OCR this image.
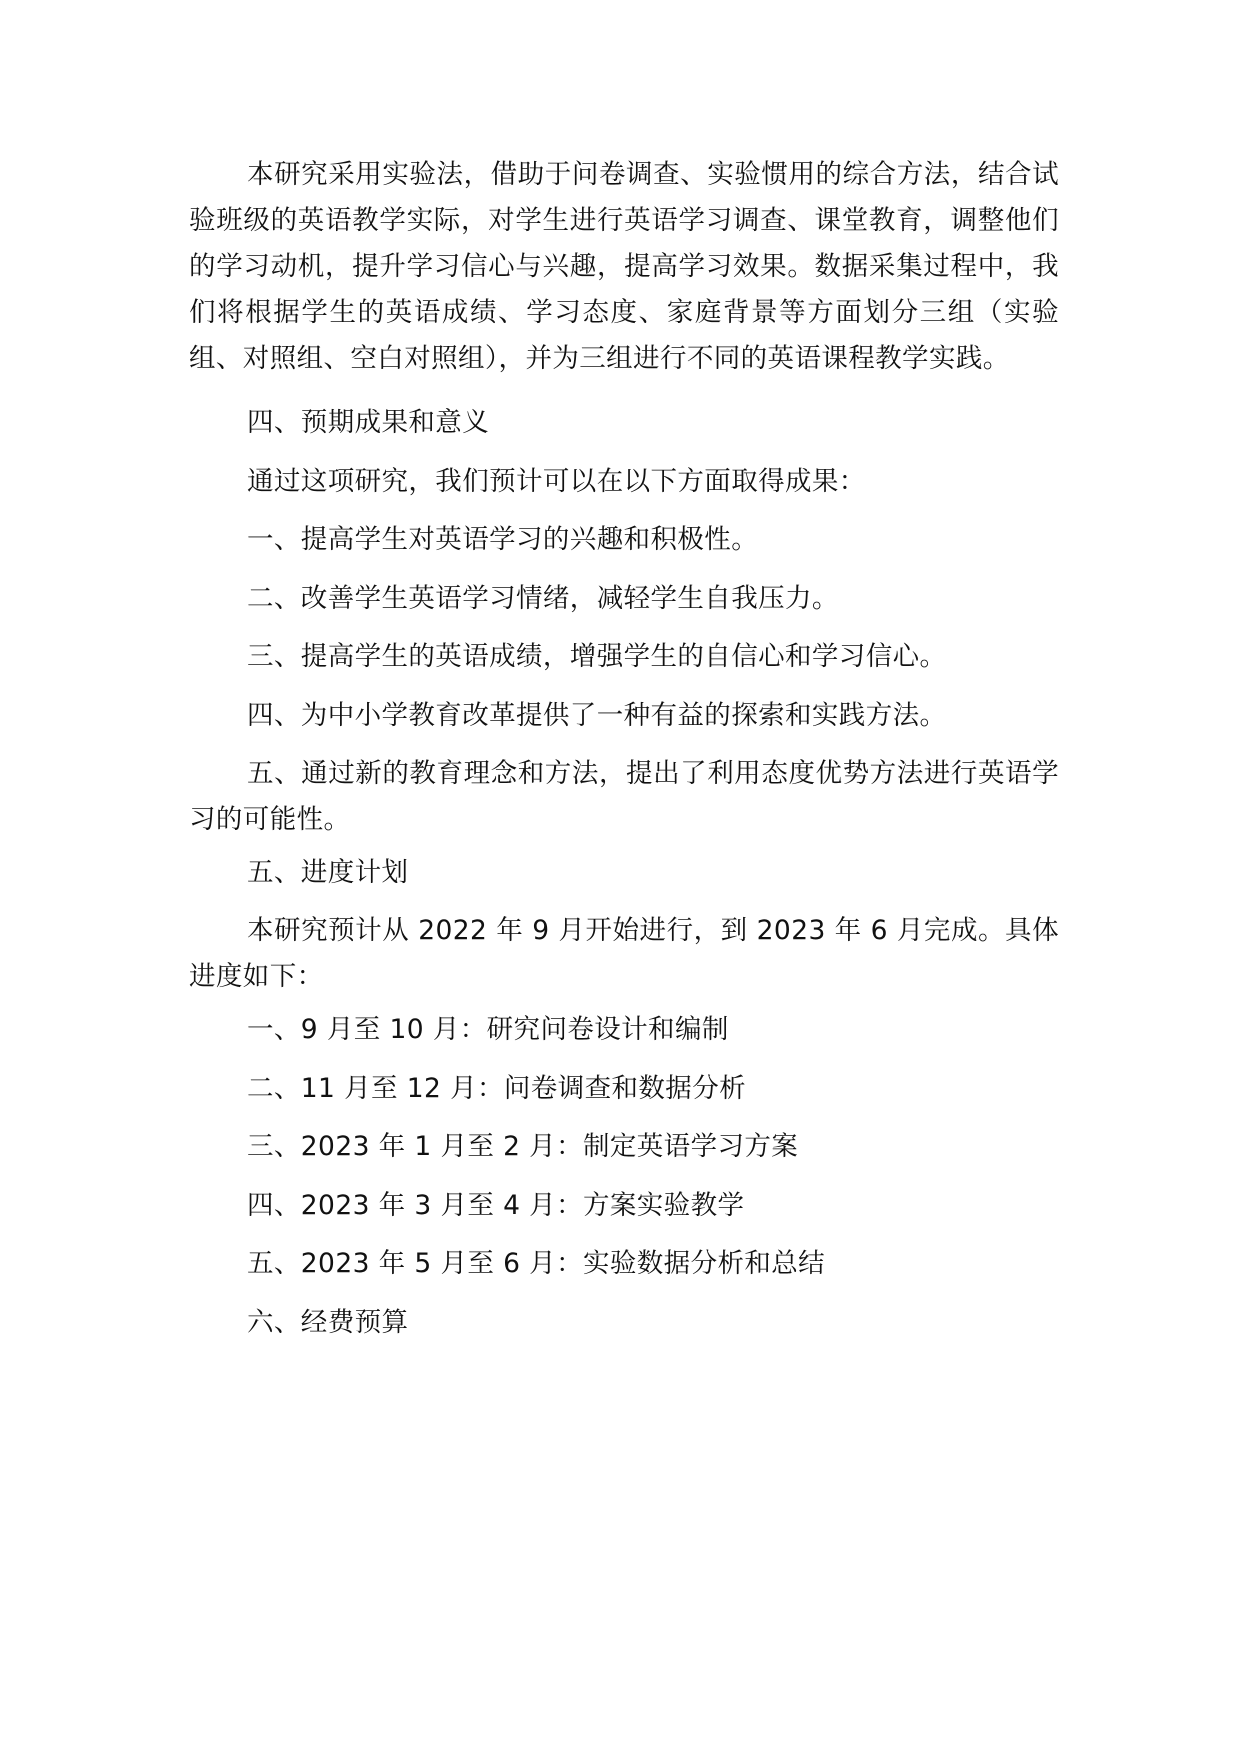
本研究采用实验法，借助于问卷调查、实验惯用的综合方法，结合试验班级的英语教学实际，对学生进行英语学习调查、课堂教育，调整他们的学习动机，提升学习信心与兴趣，提高学习效果。数据采集过程中，我们将根据学生的英语成绩、学习态度、家庭背景等方面划分三组（实验组、对照组、空白对照组），并为三组进行不同的英语课程教学实践。

四、预期成果和意义

通过这项研究，我们预计可以在以下方面取得成果：

一、提高学生对英语学习的兴趣和积极性。

二、改善学生英语学习情绪，减轻学生自我压力。

三、提高学生的英语成绩，增强学生的自信心和学习信心。

四、为中小学教育改革提供了一种有益的探索和实践方法。

五、通过新的教育理念和方法，提出了利用态度优势方法进行英语学习的可能性。

五、进度计划

本研究预计从 2022 年 9 月开始进行，到 2023 年 6 月完成。具体进度如下：

一、9 月至 10 月：研究问卷设计和编制

二、11 月至 12 月：问卷调查和数据分析

三、2023 年 1 月至 2 月：制定英语学习方案

四、2023 年 3 月至 4 月：方案实验教学

五、2023 年 5 月至 6 月：实验数据分析和总结

六、经费预算
